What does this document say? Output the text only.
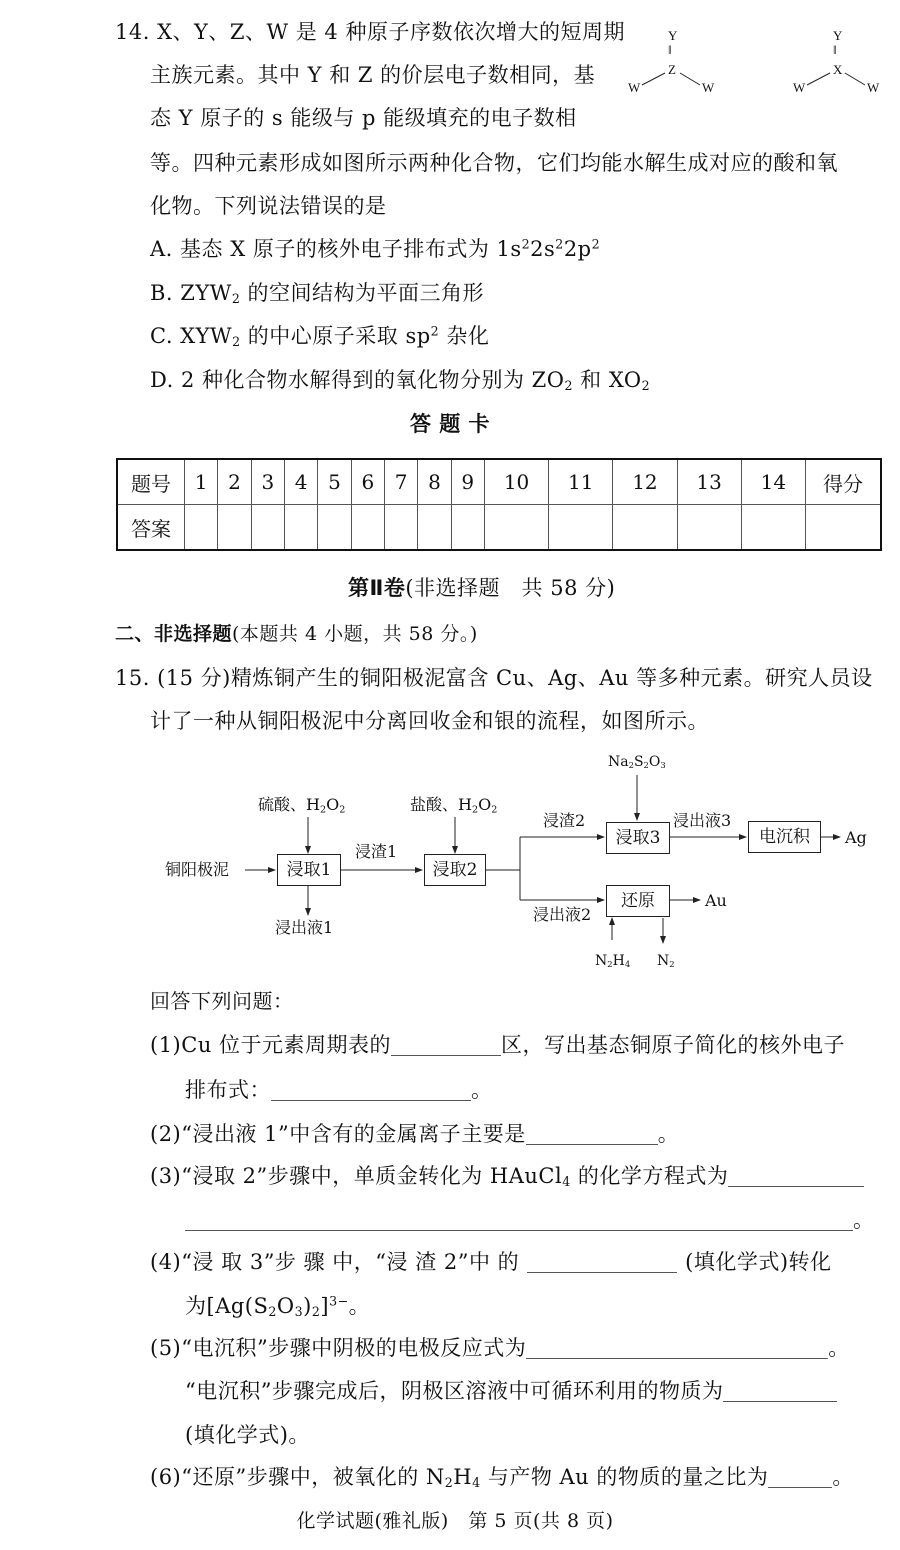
14. X、Y、Z、W 是 4 种原子序数依次增大的短周期
主族元素。其中 Y 和 Z 的价层电子数相同，基
态 Y 原子的 s 能级与 p 能级填充的电子数相
等。四种元素形成如图所示两种化合物，它们均能水解生成对应的酸和氧
化物。下列说法错误的是
Y
‖
Z
W	W
Y
‖
X
W	W
A. 基态 X 原子的核外电子排布式为 $1s^22s^22p^2$
B. $ZYW_2$ 的空间结构为平面三角形
C. $XYW_2$ 的中心原子采取 $sp^2$ 杂化
D. 2 种化合物水解得到的氧化物分别为 $ZO_2$ 和 $XO_2$
答 题 卡
题号	1	2	3	4	5	6	7	8	9	10	11	12	13	14	得分
答案															
第Ⅱ卷(非选择题　共 58 分)
二、非选择题(本题共 4 小题，共 58 分。)
15. (15 分)精炼铜产生的铜阳极泥富含 Cu、Ag、Au 等多种元素。研究人员设
计了一种从铜阳极泥中分离回收金和银的流程，如图所示。
铜阳极泥
硫酸、$H_2O_2$
浸取1
浸出液1
浸渣1
盐酸、$H_2O_2$
浸取2
浸渣2
浸出液2
$Na_2S_2O_3$
浸取3
浸出液3
电沉积	Ag
还原	Au
$N_2H_4$ $N_2$
回答下列问题：
(1)Cu 位于元素周期表的	区，写出基态铜原子简化的核外电子
排布式：	。
(2)“浸出液 1”中含有的金属离子主要是	。
(3)“浸取 2”步骤中，单质金转化为 HAuCl$_4$ 的化学方程式为
。
(4)“浸 取 3”步 骤 中，“浸 渣 2”中 的	(填化学式)转化
为$[Ag(S_2O_3)_2]^{3-}$。
(5)“电沉积”步骤中阴极的电极反应式为	。
“电沉积”步骤完成后，阴极区溶液中可循环利用的物质为
(填化学式)。
(6)“还原”步骤中，被氧化的 $N_2H_4$ 与产物 Au 的物质的量之比为	。
化学试题(雅礼版)　第 5 页(共 8 页)
